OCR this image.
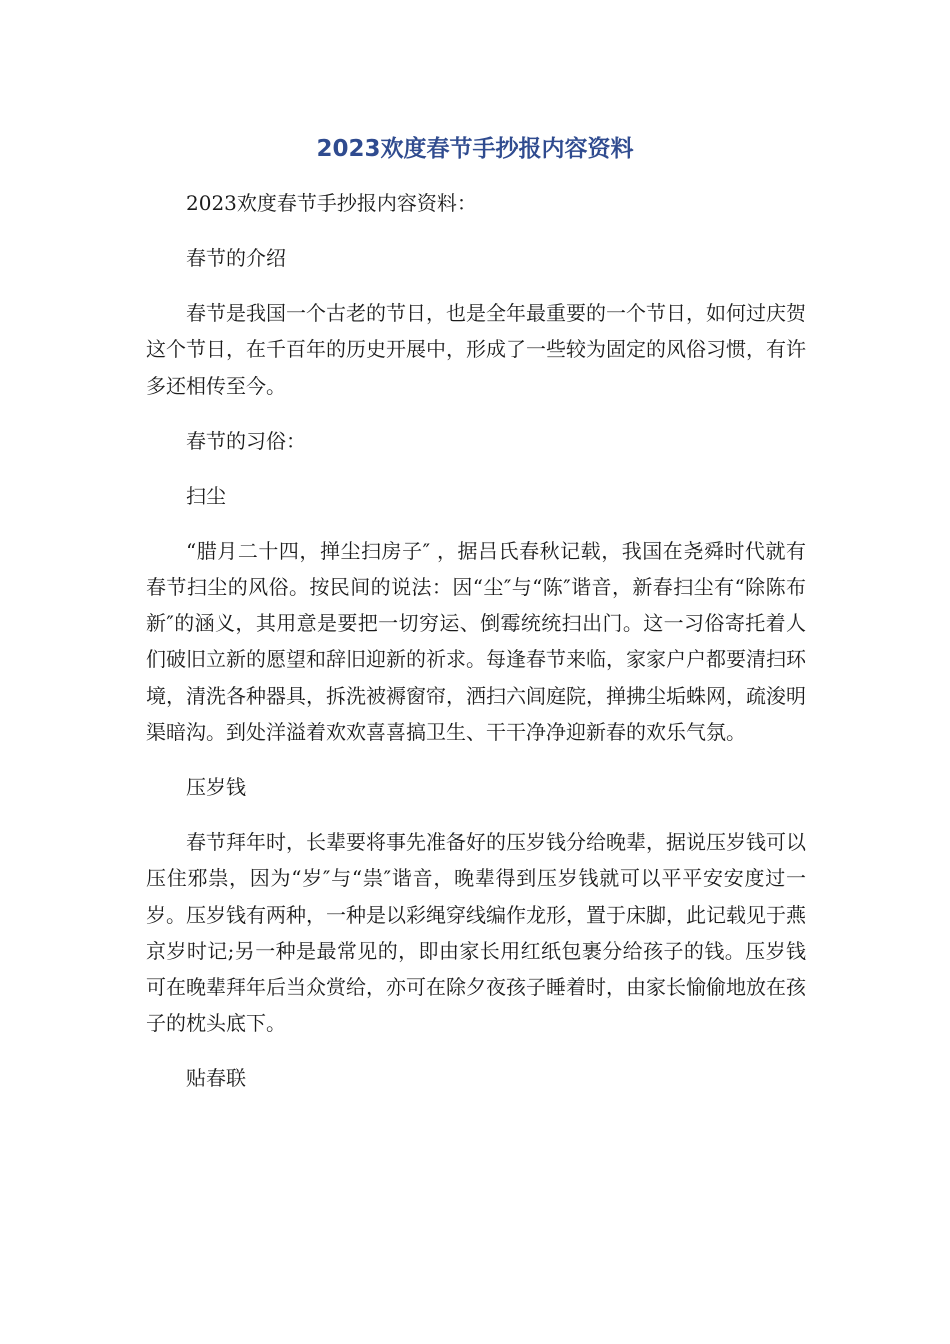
2023欢度春节手抄报内容资料

2023欢度春节手抄报内容资料：

春节的介绍

春节是我国一个古老的节日，也是全年最重要的一个节日，如何过庆贺这个节日，在千百年的历史开展中，形成了一些较为固定的风俗习惯，有许多还相传至今。

春节的习俗：

扫尘

“腊月二十四，掸尘扫房子″ ，据吕氏春秋记载，我国在尧舜时代就有春节扫尘的风俗。按民间的说法：因“尘″与“陈″谐音，新春扫尘有“除陈布新″的涵义，其用意是要把一切穷运、倒霉统统扫出门。这一习俗寄托着人们破旧立新的愿望和辞旧迎新的祈求。每逢春节来临，家家户户都要清扫环境，清洗各种器具，拆洗被褥窗帘，洒扫六闾庭院，掸拂尘垢蛛网，疏浚明渠暗沟。到处洋溢着欢欢喜喜搞卫生、干干净净迎新春的欢乐气氛。

压岁钱

春节拜年时，长辈要将事先准备好的压岁钱分给晚辈，据说压岁钱可以压住邪祟，因为“岁″与“祟″谐音，晚辈得到压岁钱就可以平平安安度过一岁。压岁钱有两种，一种是以彩绳穿线编作龙形，置于床脚，此记载见于燕京岁时记;另一种是最常见的，即由家长用红纸包裹分给孩子的钱。压岁钱可在晚辈拜年后当众赏给，亦可在除夕夜孩子睡着时，由家长愉偷地放在孩子的枕头底下。

贴春联
